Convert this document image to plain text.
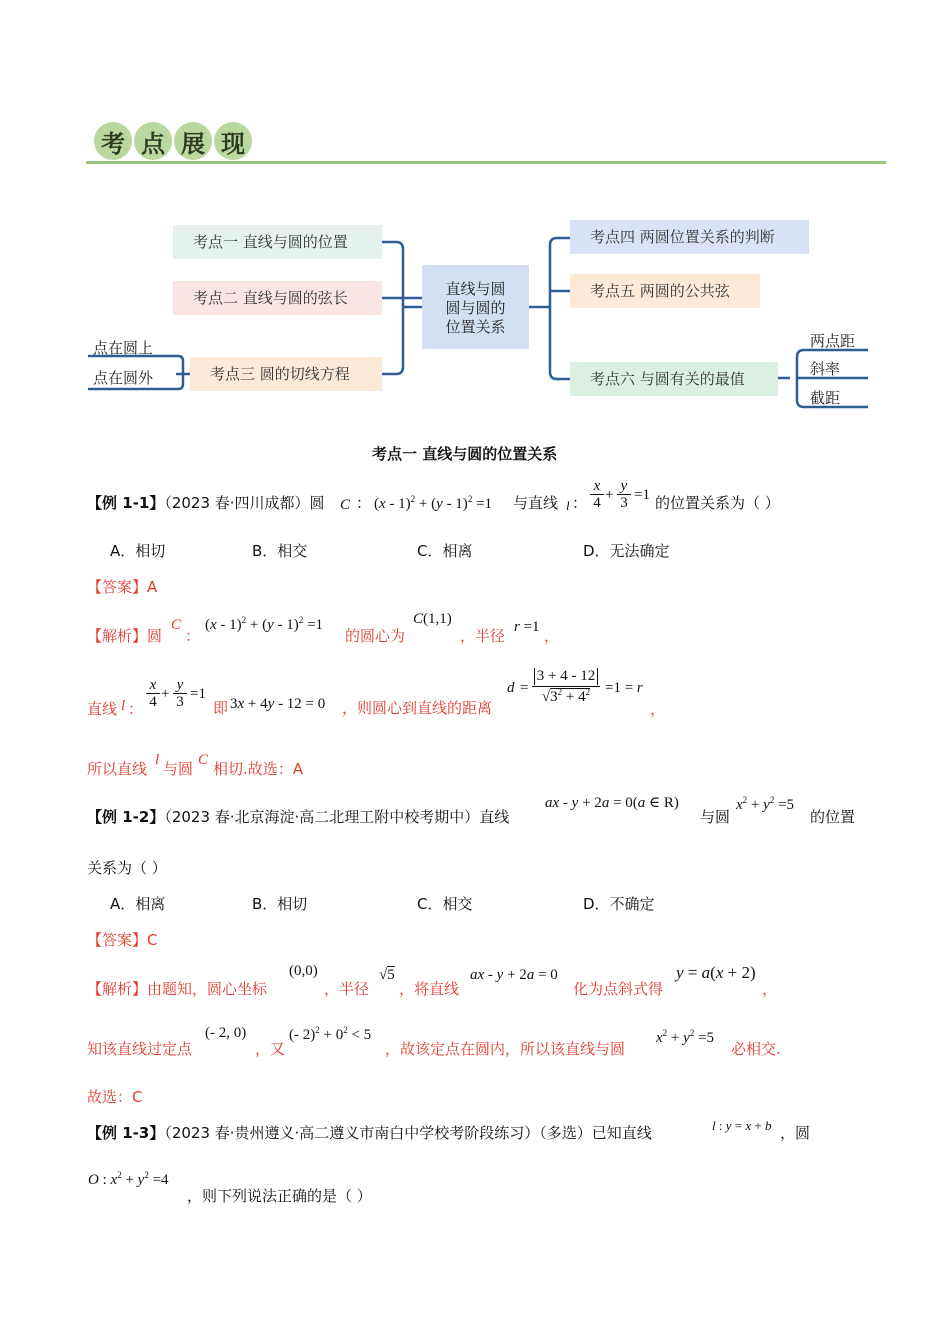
考 点 展 现
考点一 直线与圆的位置
考点二 直线与圆的弦长
考点三 圆的切线方程
直线与圆
圆与圆的
位置关系
考点四 两圆位置关系的判断
考点五 两圆的公共弦
考点六 与圆有关的最值
点在圆上
点在圆外
两点距
斜率
截距
考点一 直线与圆的位置关系
【例 1-1】（2023 春·四川成都）圆 C ： (x - 1)$^2$ + (y - 1)$^2$ =1 与直线 l ：
x
4 +
y
3 =1 的位置关系为（ ）
A．相切	B．相交	C．相离	D．无法确定
【答案】A
【解析】圆
C
：
(x - 1)$^2$ + (y - 1)$^2$ =1
的圆心为
C(1,1)
，半径 r =1 ，
直线 l ：
x
4 +
y
3 =1
即 3x + 4y - 12 = 0 ，则圆心到直线的距离
d =
3 + 4 - 12
$√3^2 + 4^2 =1 = r$
，
所以直线 l 与圆 C 相切.故选：A
【例 1-2】（2023 春·北京海淀·高二北理工附中校考期中）直线
ax - y + 2a = 0(a ∈ R)
与圆
$x^2 + y^2 =5$
的位置
关系为（ ）
A．相离	B．相切	C．相交	D．不确定
【答案】C
【解析】由题知，圆心坐标
(0,0)
，半径
√5
，将直线
ax - y + 2a = 0
化为点斜式得
y = a(x + 2)
，
知该直线过定点
(- 2, 0)
，又
(- $2)^2 + 0^2 < 5$
，故该定点在圆内，所以该直线与圆
$x^2 + y^2 =5$
必相交.
故选：C
【例 1-3】（2023 春·贵州遵义·高二遵义市南白中学校考阶段练习）（多选）已知直线	l : y = x + b ，圆
O : $x^2 + y^2 =4$
，则下列说法正确的是（ ）
